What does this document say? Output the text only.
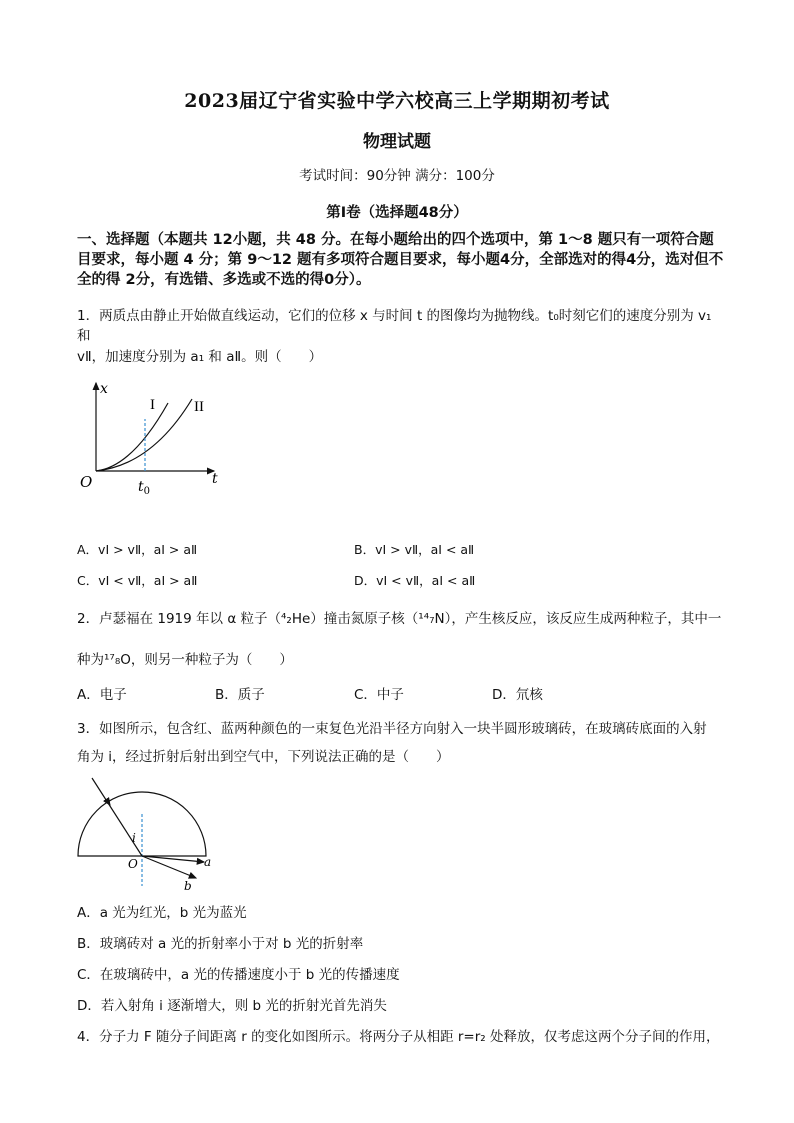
2023届辽宁省实验中学六校高三上学期期初考试
物理试题
考试时间：90分钟 满分：100分
第Ⅰ卷（选择题48分）
一、选择题（本题共 12小题，共 48 分。在每小题给出的四个选项中，第 1～8 题只有一项符合题目要求，每小题 4 分；第 9～12 题有多项符合题目要求，每小题4分，全部选对的得4分，选对但不全的得 2分，有选错、多选或不选的得0分）。
1．两质点由静止开始做直线运动，它们的位移 x 与时间 t 的图像均为抛物线。t₀时刻它们的速度分别为 v₁ 和
vⅡ，加速度分别为 a₁ 和 aⅡ。则（　　）
x
t
O
I	II
$t_0$
A．vⅠ > vⅡ，aⅠ > aⅡ	B．vⅠ > vⅡ，aⅠ < aⅡ
C．vⅠ < vⅡ，aⅠ > aⅡ	D．vⅠ < vⅡ，aⅠ < aⅡ
2．卢瑟福在 1919 年以 α 粒子（⁴₂He）撞击氮原子核（¹⁴₇N），产生核反应，该反应生成两种粒子，其中一
种为¹⁷₈O，则另一种粒子为（　　）
A．电子	B．质子	C．中子	D．氘核
3．如图所示，包含红、蓝两种颜色的一束复色光沿半径方向射入一块半圆形玻璃砖，在玻璃砖底面的入射
角为 i，经过折射后射出到空气中，下列说法正确的是（　　）
i
O	a
b
A．a 光为红光，b 光为蓝光
B．玻璃砖对 a 光的折射率小于对 b 光的折射率
C．在玻璃砖中，a 光的传播速度小于 b 光的传播速度
D．若入射角 i 逐渐增大，则 b 光的折射光首先消失
4．分子力 F 随分子间距离 r 的变化如图所示。将两分子从相距 r=r₂ 处释放，仅考虑这两个分子间的作用，
